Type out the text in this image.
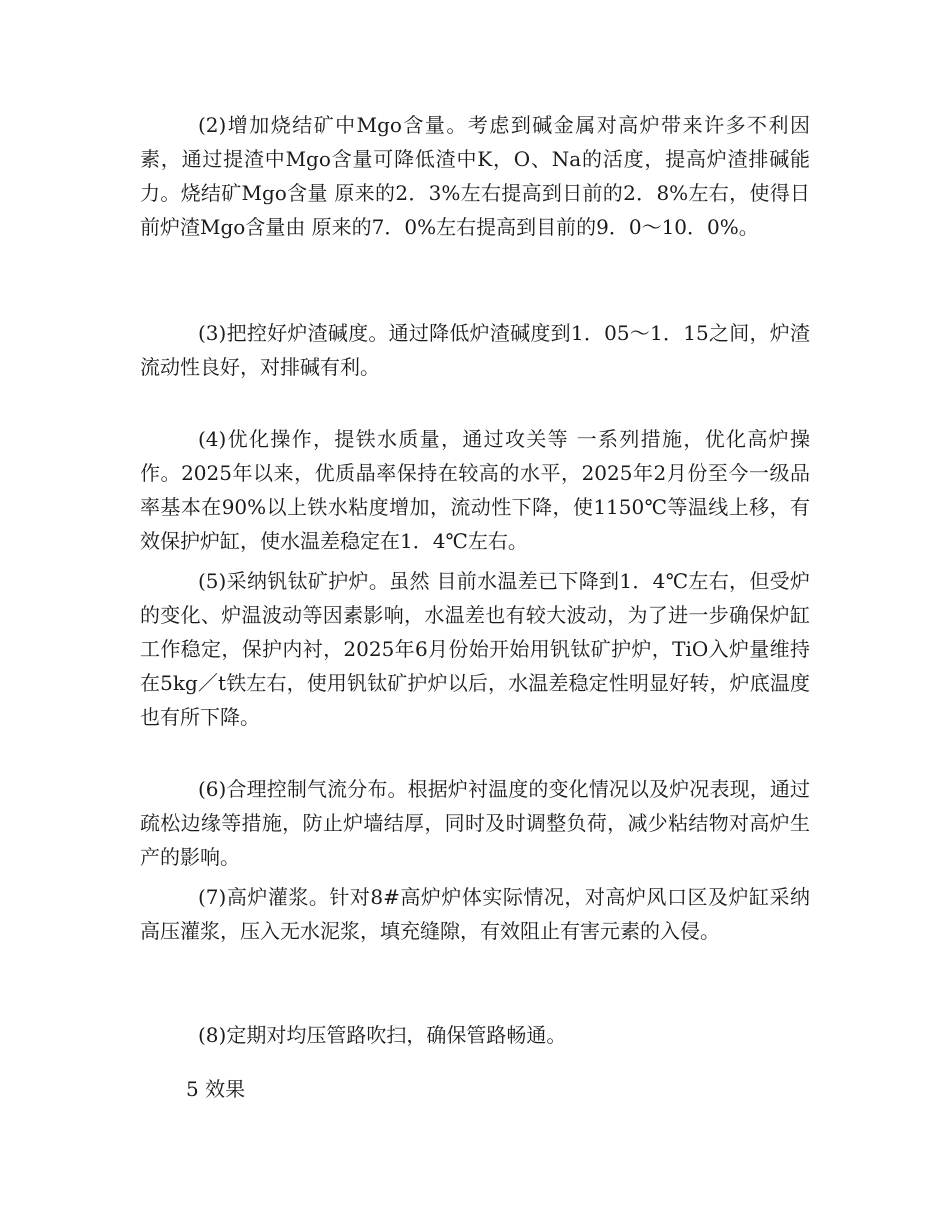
(2)增加烧结矿中Mgo含量。考虑到碱金属对高炉带来许多不利因素，通过提渣中Mgo含量可降低渣中K，O、Na的活度，提高炉渣排碱能力。烧结矿Mgo含量 原来的2．3%左右提高到日前的2．8%左右，使得日前炉渣Mgo含量由 原来的7．0%左右提高到目前的9．0～10．0%。

(3)把控好炉渣碱度。通过降低炉渣碱度到1．05～1．15之间，炉渣流动性良好，对排碱有利。

(4)优化操作，提铁水质量，通过攻关等 一系列措施，优化高炉操作。2025年以来，优质晶率保持在较高的水平，2025年2月份至今一级品率基本在90%以上铁水粘度增加，流动性下降，使1150℃等温线上移，有效保护炉缸，使水温差稳定在1．4℃左右。

(5)采纳钒钛矿护炉。虽然 目前水温差已下降到1．4℃左右，但受炉的变化、炉温波动等因素影响，水温差也有较大波动，为了进一步确保炉缸工作稳定，保护内衬，2025年6月份始开始用钒钛矿护炉，TiO入炉量维持在5kg／t铁左右，使用钒钛矿护炉以后，水温差稳定性明显好转，炉底温度也有所下降。

(6)合理控制气流分布。根据炉衬温度的变化情况以及炉况表现，通过疏松边缘等措施，防止炉墙结厚，同时及时调整负荷，减少粘结物对高炉生产的影响。

(7)高炉灌浆。针对8#高炉炉体实际情况，对高炉风口区及炉缸采纳高压灌浆，压入无水泥浆，填充缝隙，有效阻止有害元素的入侵。

(8)定期对均压管路吹扫，确保管路畅通。

5 效果
